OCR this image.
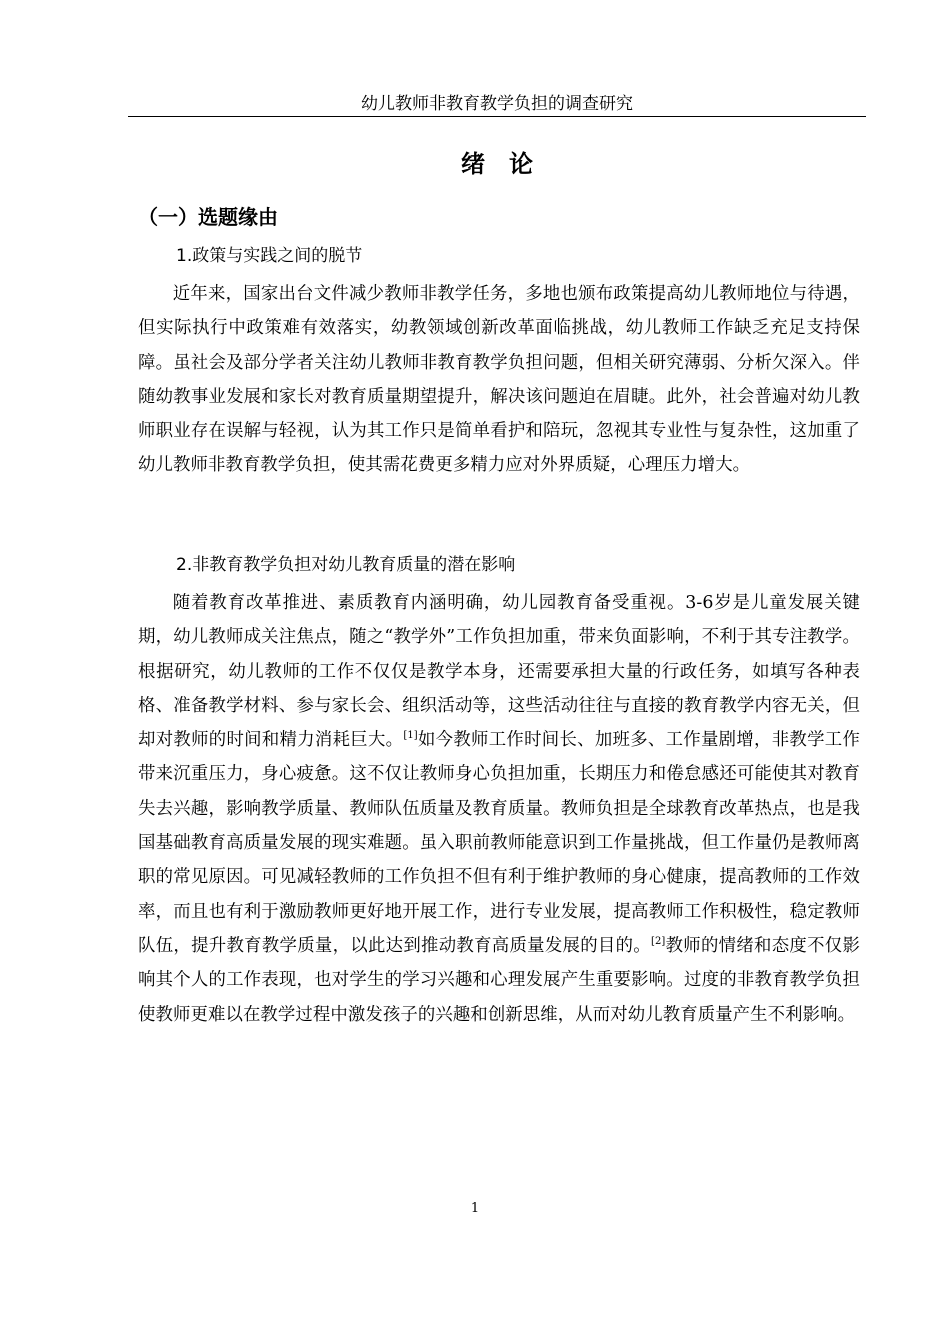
幼儿教师非教育教学负担的调查研究
绪　论
（一）选题缘由
1.政策与实践之间的脱节

近年来，国家出台文件减少教师非教学任务，多地也颁布政策提高幼儿教师地位与待遇，但实际执行中政策难有效落实，幼教领域创新改革面临挑战，幼儿教师工作缺乏充足支持保障。虽社会及部分学者关注幼儿教师非教育教学负担问题，但相关研究薄弱、分析欠深入。伴随幼教事业发展和家长对教育质量期望提升，解决该问题迫在眉睫。此外，社会普遍对幼儿教师职业存在误解与轻视，认为其工作只是简单看护和陪玩，忽视其专业性与复杂性，这加重了幼儿教师非教育教学负担，使其需花费更多精力应对外界质疑，心理压力增大。

2.非教育教学负担对幼儿教育质量的潜在影响

随着教育改革推进、素质教育内涵明确，幼儿园教育备受重视。3-6岁是儿童发展关键期，幼儿教师成关注焦点，随之“教学外”工作负担加重，带来负面影响，不利于其专注教学。根据研究，幼儿教师的工作不仅仅是教学本身，还需要承担大量的行政任务，如填写各种表格、准备教学材料、参与家长会、组织活动等，这些活动往往与直接的教育教学内容无关，但却对教师的时间和精力消耗巨大。[1]如今教师工作时间长、加班多、工作量剧增，非教学工作带来沉重压力，身心疲惫。这不仅让教师身心负担加重，长期压力和倦怠感还可能使其对教育失去兴趣，影响教学质量、教师队伍质量及教育质量。教师负担是全球教育改革热点，也是我国基础教育高质量发展的现实难题。虽入职前教师能意识到工作量挑战，但工作量仍是教师离职的常见原因。可见减轻教师的工作负担不但有利于维护教师的身心健康，提高教师的工作效率，而且也有利于激励教师更好地开展工作，进行专业发展，提高教师工作积极性，稳定教师队伍，提升教育教学质量，以此达到推动教育高质量发展的目的。[2]教师的情绪和态度不仅影响其个人的工作表现，也对学生的学习兴趣和心理发展产生重要影响。过度的非教育教学负担使教师更难以在教学过程中激发孩子的兴趣和创新思维，从而对幼儿教育质量产生不利影响。

1
